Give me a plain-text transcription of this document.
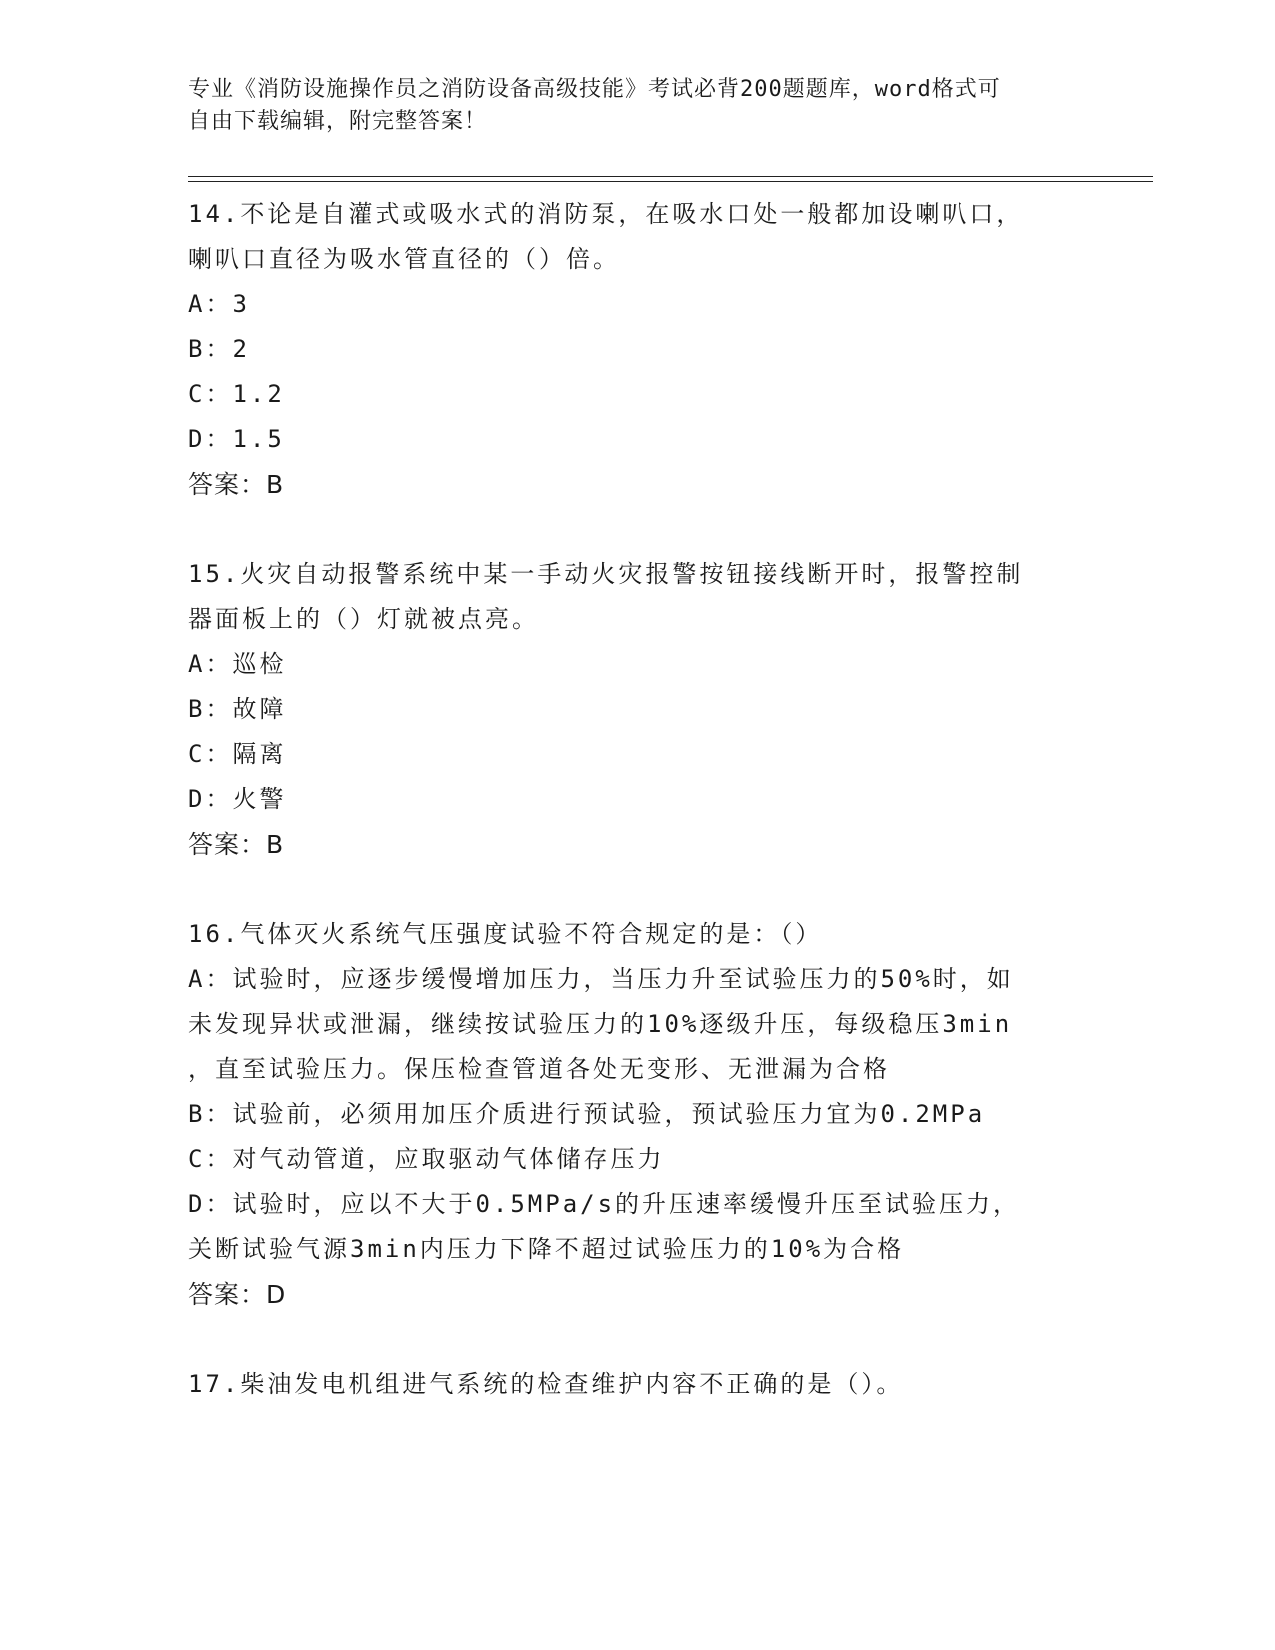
专业《消防设施操作员之消防设备高级技能》考试必背200题题库，word格式可
自由下载编辑，附完整答案！
14.不论是自灌式或吸水式的消防泵，在吸水口处一般都加设喇叭口，
喇叭口直径为吸水管直径的（）倍。
A：3
B：2
C：1.2
D：1.5
答案：B
15.火灾自动报警系统中某一手动火灾报警按钮接线断开时，报警控制
器面板上的（）灯就被点亮。
A：巡检
B：故障
C：隔离
D：火警
答案：B
16.气体灭火系统气压强度试验不符合规定的是：（）
A：试验时，应逐步缓慢增加压力，当压力升至试验压力的50%时，如
未发现异状或泄漏，继续按试验压力的10%逐级升压，每级稳压3min
，直至试验压力。保压检查管道各处无变形、无泄漏为合格
B：试验前，必须用加压介质进行预试验，预试验压力宜为0.2MPa
C：对气动管道，应取驱动气体储存压力
D：试验时，应以不大于0.5MPa/s的升压速率缓慢升压至试验压力，
关断试验气源3min内压力下降不超过试验压力的10%为合格
答案：D
17.柴油发电机组进气系统的检查维护内容不正确的是（）。
